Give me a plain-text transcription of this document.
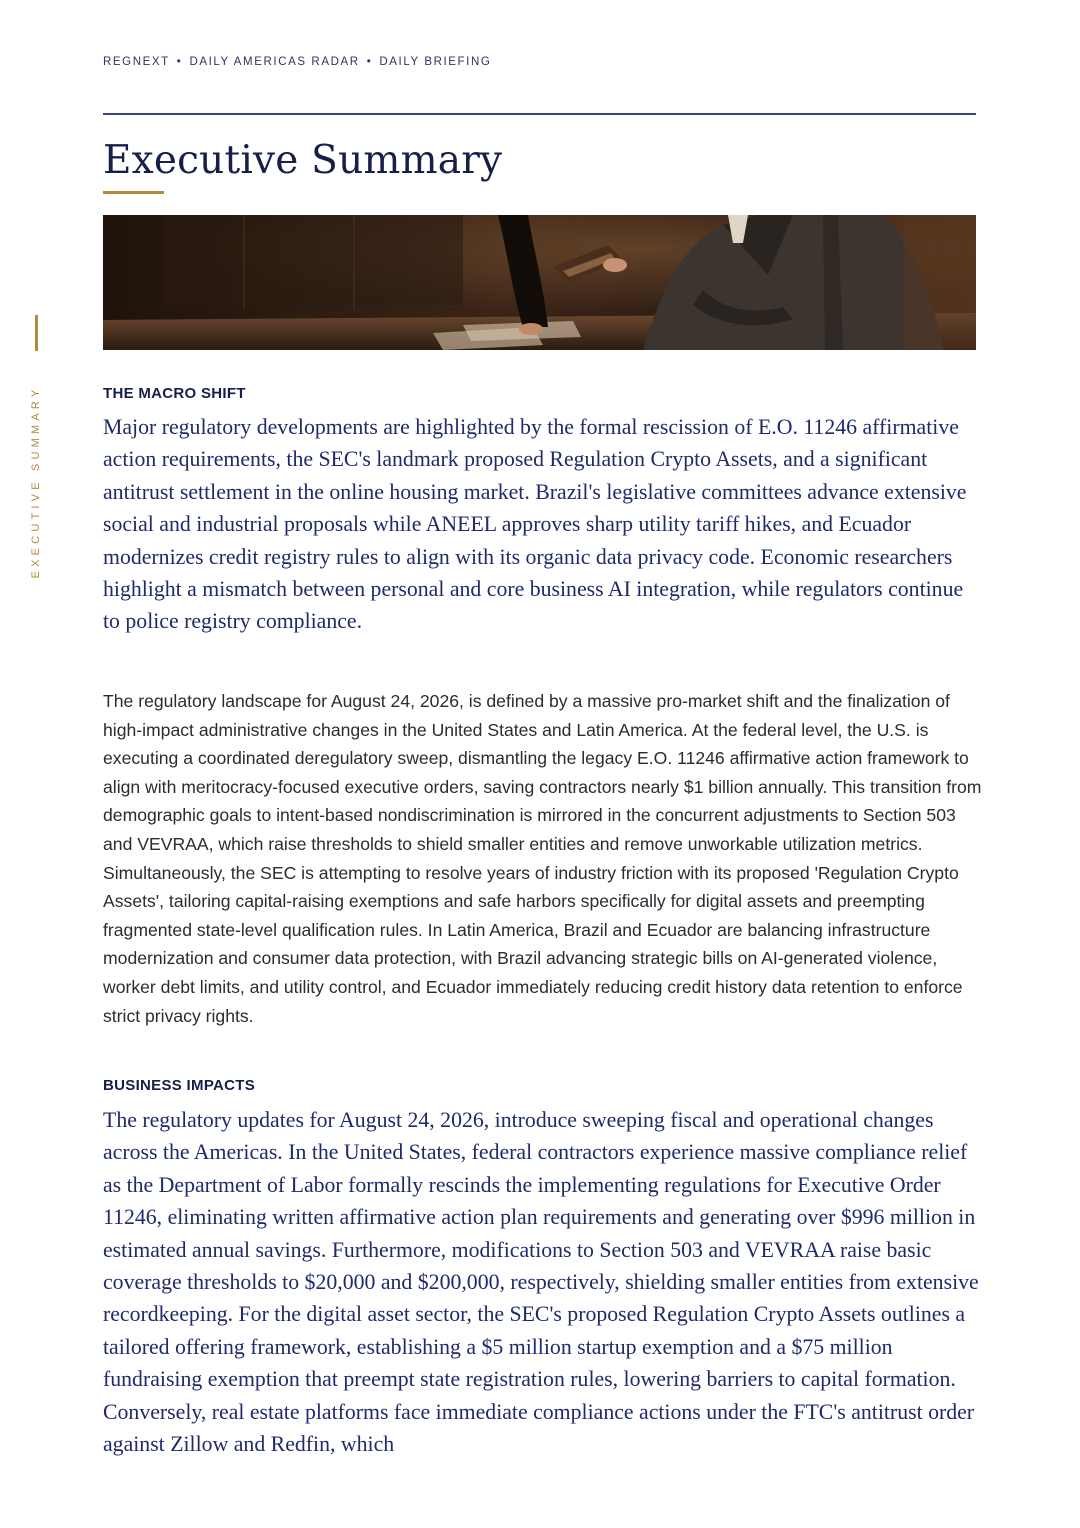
REGNEXT • DAILY AMERICAS RADAR • DAILY BRIEFING
Executive Summary
EXECUTIVE SUMMARY	THE MACRO SHIFT

Major regulatory developments are highlighted by the formal rescission of E.O. 11246 affirmative action requirements, the SEC's landmark proposed Regulation Crypto Assets, and a significant antitrust settlement in the online housing market. Brazil's legislative committees advance extensive social and industrial proposals while ANEEL approves sharp utility tariff hikes, and Ecuador modernizes credit registry rules to align with its organic data privacy code. Economic researchers highlight a mismatch between personal and core business AI integration, while regulators continue to police registry compliance.

The regulatory landscape for August 24, 2026, is defined by a massive pro-market shift and the finalization of high-impact administrative changes in the United States and Latin America. At the federal level, the U.S. is executing a coordinated deregulatory sweep, dismantling the legacy E.O. 11246 affirmative action framework to align with meritocracy-focused executive orders, saving contractors nearly $1 billion annually. This transition from demographic goals to intent-based nondiscrimination is mirrored in the concurrent adjustments to Section 503 and VEVRAA, which raise thresholds to shield smaller entities and remove unworkable utilization metrics. Simultaneously, the SEC is attempting to resolve years of industry friction with its proposed 'Regulation Crypto Assets', tailoring capital-raising exemptions and safe harbors specifically for digital assets and preempting fragmented state-level qualification rules. In Latin America, Brazil and Ecuador are balancing infrastructure modernization and consumer data protection, with Brazil advancing strategic bills on AI-generated violence, worker debt limits, and utility control, and Ecuador immediately reducing credit history data retention to enforce strict privacy rights.

BUSINESS IMPACTS

The regulatory updates for August 24, 2026, introduce sweeping fiscal and operational changes across the Americas. In the United States, federal contractors experience massive compliance relief as the Department of Labor formally rescinds the implementing regulations for Executive Order 11246, eliminating written affirmative action plan requirements and generating over $996 million in estimated annual savings. Furthermore, modifications to Section 503 and VEVRAA raise basic coverage thresholds to $20,000 and $200,000, respectively, shielding smaller entities from extensive recordkeeping. For the digital asset sector, the SEC's proposed Regulation Crypto Assets outlines a tailored offering framework, establishing a $5 million startup exemption and a $75 million fundraising exemption that preempt state registration rules, lowering barriers to capital formation. Conversely, real estate platforms face immediate compliance actions under the FTC's antitrust order against Zillow and Redfin, which
